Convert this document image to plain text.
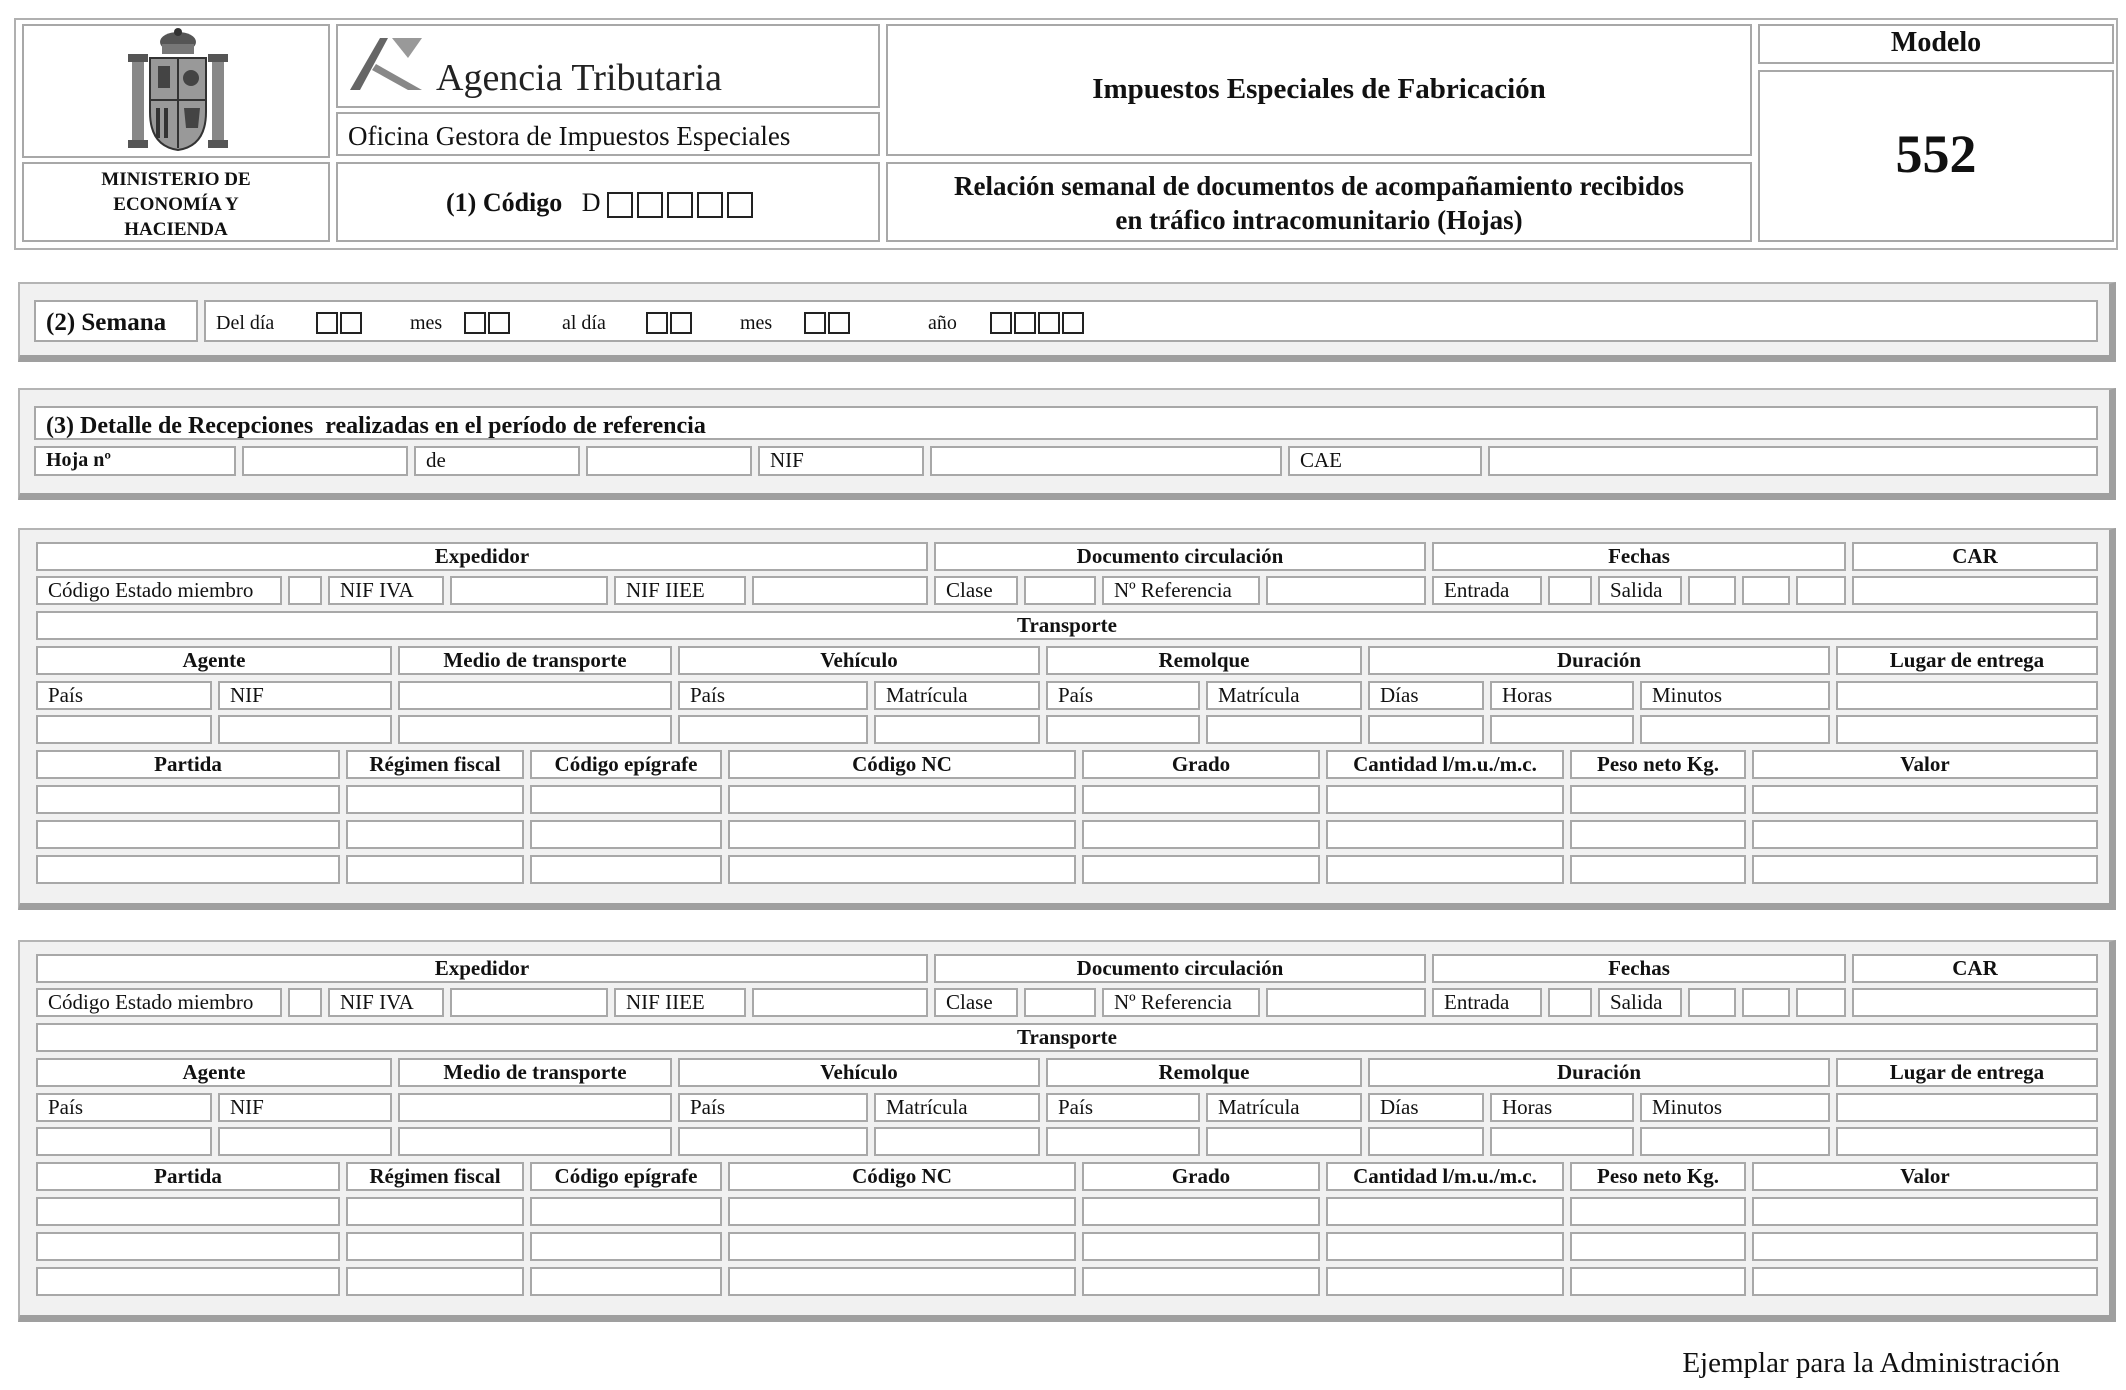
MINISTERIO DE
ECONOMÍA Y
HACIENDA
Agencia Tributaria
Oficina Gestora de Impuestos Especiales
(1) Código D
Impuestos Especiales de Fabricación
Relación semanal de documentos de acompañamiento recibidos
en tráfico intracomunitario (Hojas)
Modelo
552
(2) Semana Del día	mes	al día	mes	año
(3) Detalle de Recepciones  realizadas en el período de referencia
Hoja nº	de	NIF	CAE
Expedidor	Documento circulación	Fechas	CAR
Código Estado miembro	NIF IVA	NIF IIEE	Clase	Nº Referencia	Entrada	Salida
Transporte
Agente	Medio de transporte	Vehículo	Remolque	Duración	Lugar de entrega
País	NIF	País	Matrícula	País	Matrícula	Días	Horas	Minutos
Partida	Régimen fiscal	Código epígrafe	Código NC	Grado	Cantidad l/m.u./m.c.	Peso neto Kg.	Valor
Expedidor	Documento circulación	Fechas	CAR
Código Estado miembro	NIF IVA	NIF IIEE	Clase	Nº Referencia	Entrada	Salida
Transporte
Agente	Medio de transporte	Vehículo	Remolque	Duración	Lugar de entrega
País	NIF	País	Matrícula	País	Matrícula	Días	Horas	Minutos
Partida	Régimen fiscal	Código epígrafe	Código NC	Grado	Cantidad l/m.u./m.c.	Peso neto Kg.	Valor
Ejemplar para la Administración
